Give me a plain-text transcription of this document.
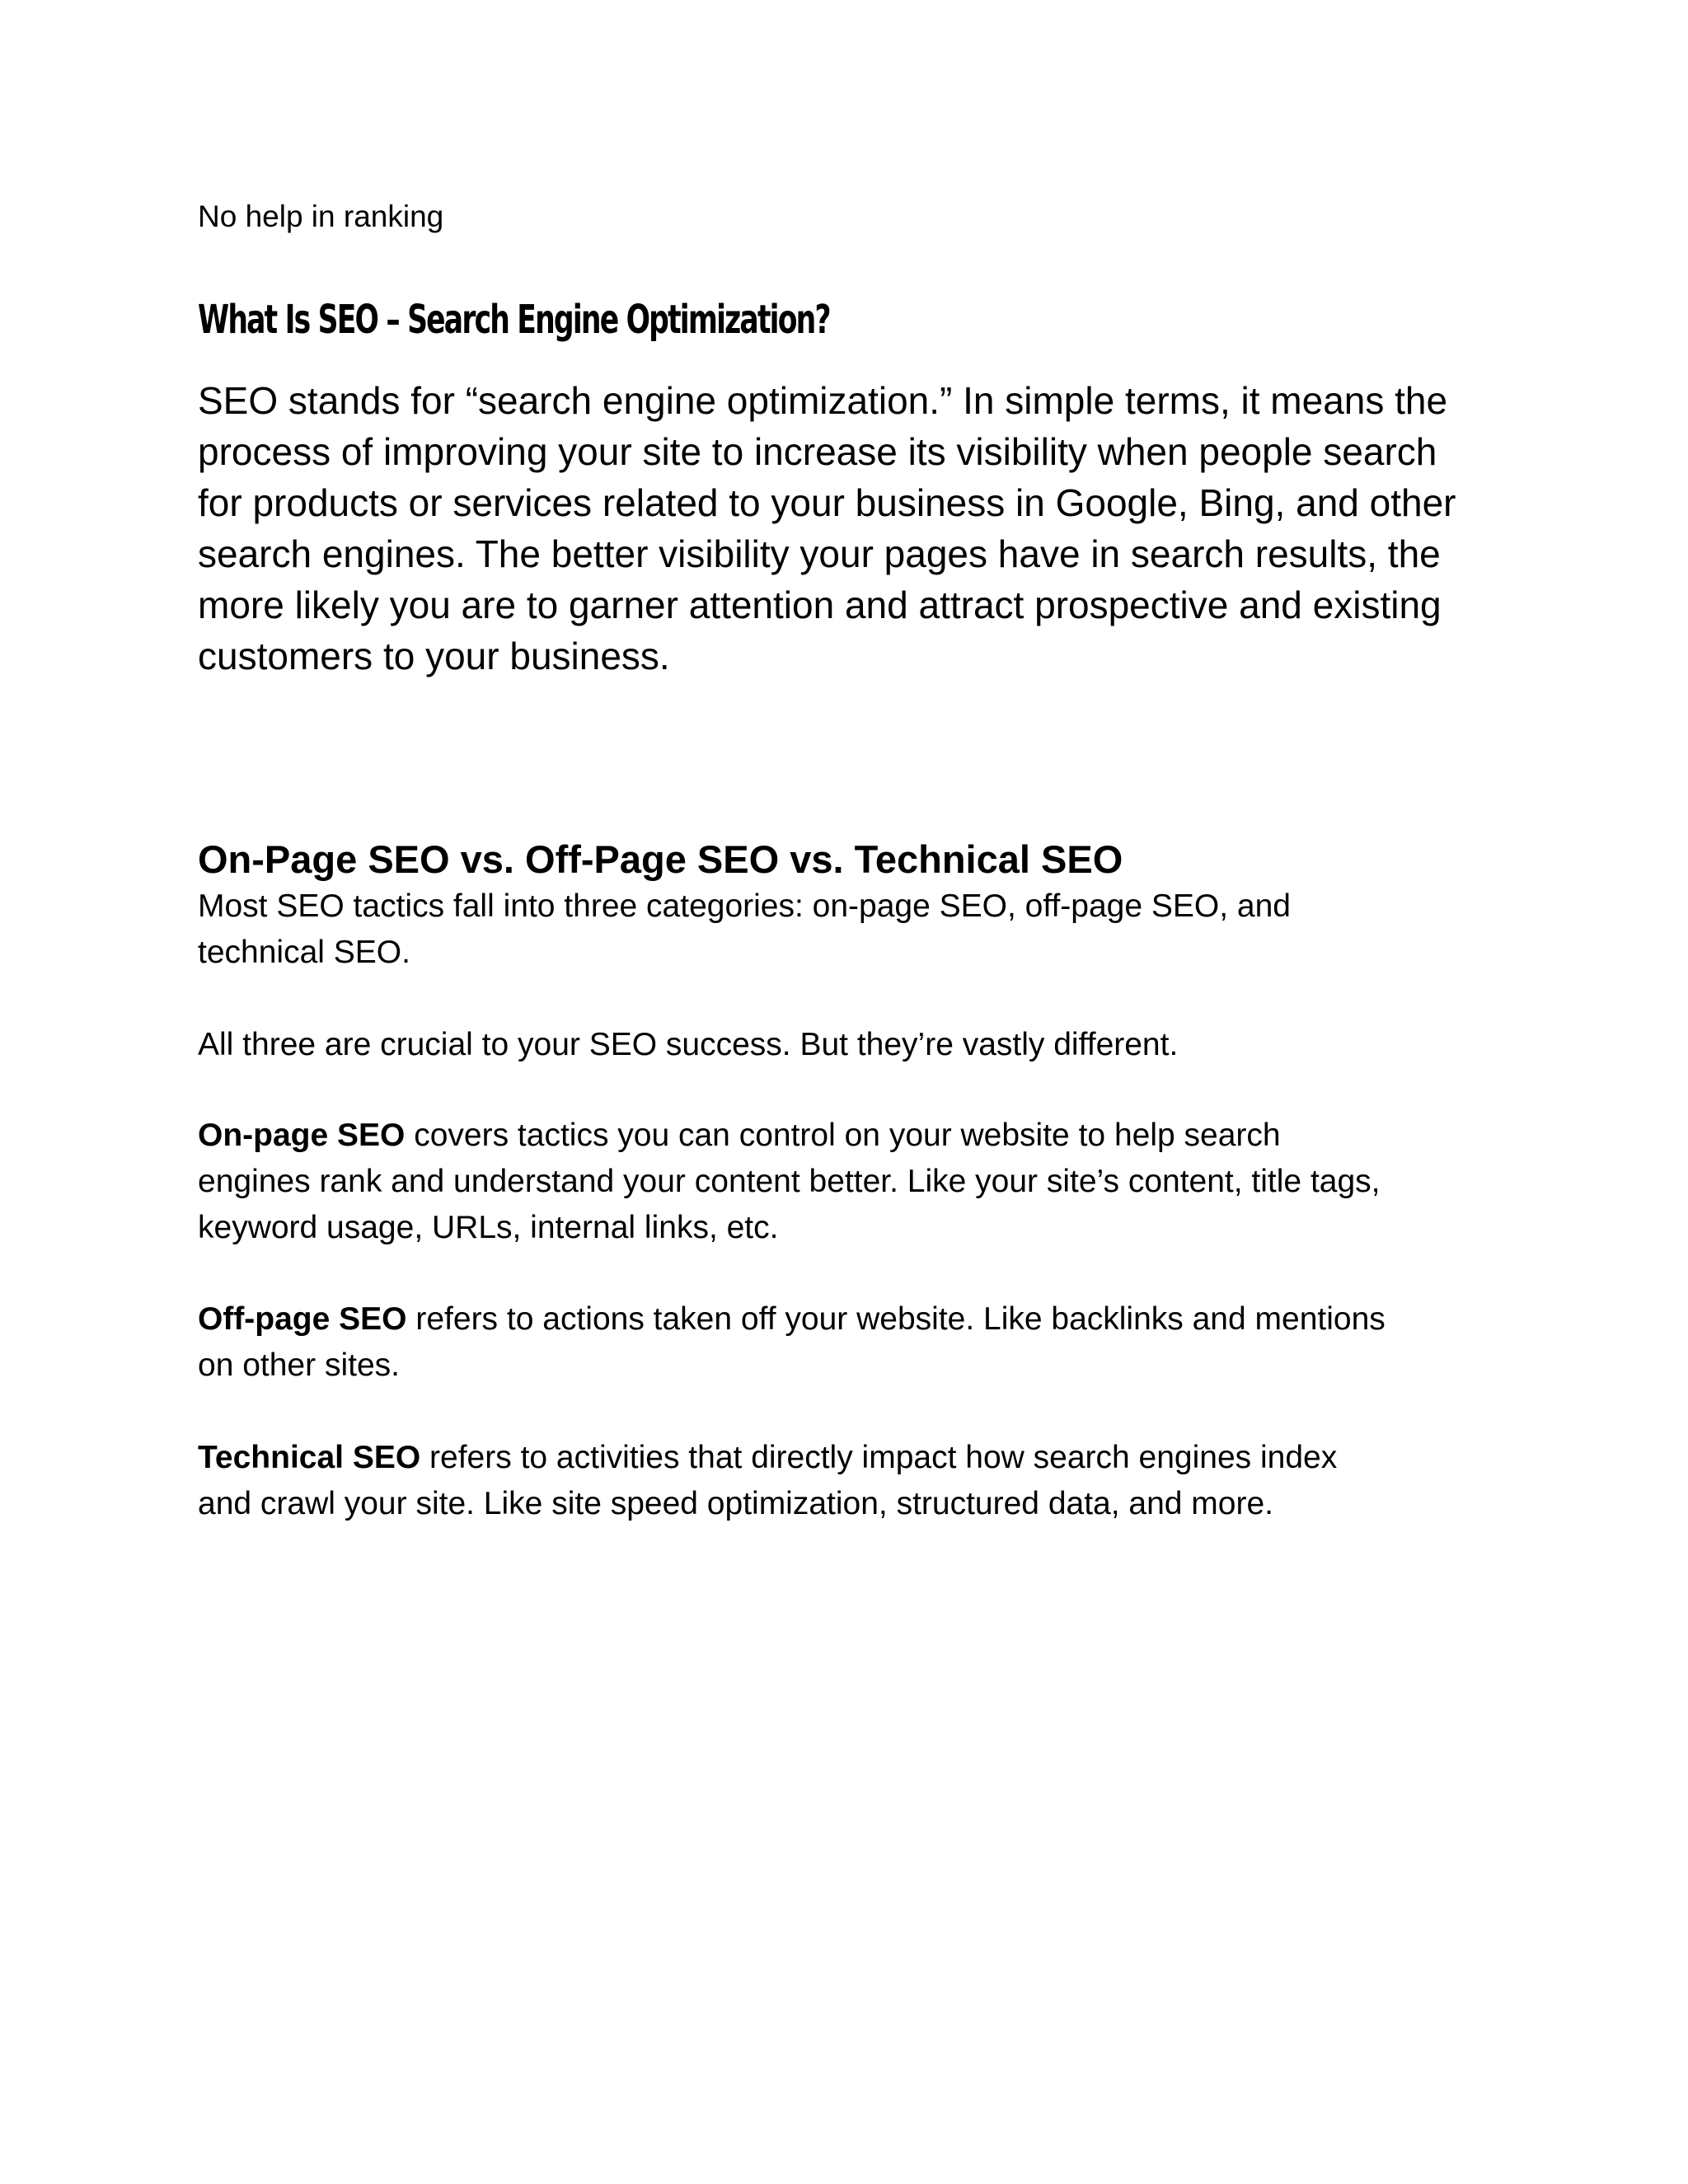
No help in ranking

What Is SEO – Search Engine Optimization?

SEO stands for “search engine optimization.” In simple terms, it means the
process of improving your site to increase its visibility when people search
for products or services related to your business in Google, Bing, and other
search engines. The better visibility your pages have in search results, the
more likely you are to garner attention and attract prospective and existing
customers to your business.

On-Page SEO vs. Off-Page SEO vs. Technical SEO

Most SEO tactics fall into three categories: on-page SEO, off-page SEO, and
technical SEO.

All three are crucial to your SEO success. But they’re vastly different.

On-page SEO covers tactics you can control on your website to help search
engines rank and understand your content better. Like your site’s content, title tags,
keyword usage, URLs, internal links, etc.

Off-page SEO refers to actions taken off your website. Like backlinks and mentions
on other sites.

Technical SEO refers to activities that directly impact how search engines index
and crawl your site. Like site speed optimization, structured data, and more.
